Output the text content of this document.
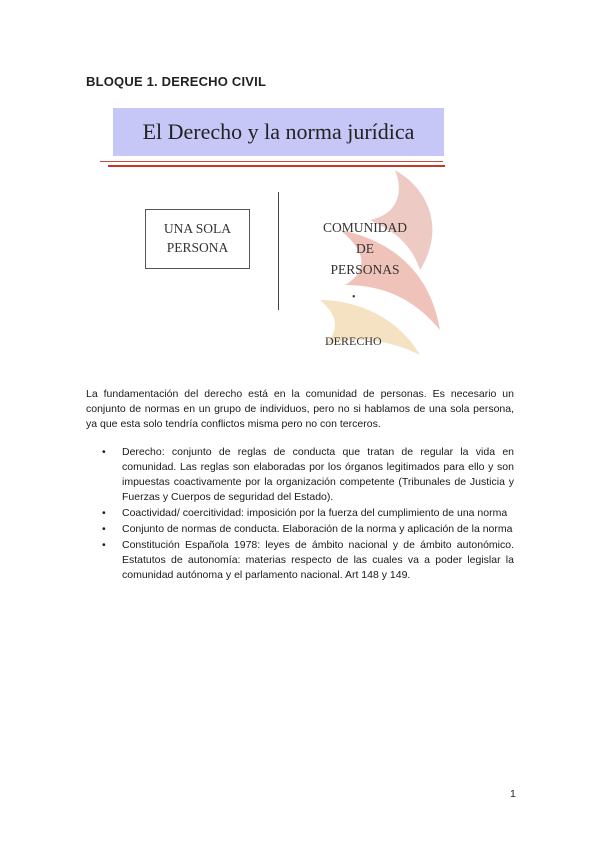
BLOQUE 1. DERECHO CIVIL
El Derecho y la norma jurídica
UNA SOLA
PERSONA
COMUNIDAD
DE
PERSONAS
•
DERECHO
La fundamentación del derecho está en la comunidad de personas. Es necesario un conjunto de normas en un grupo de individuos, pero no si hablamos de una sola persona, ya que esta solo tendría conflictos misma pero no con terceros.
• Derecho: conjunto de reglas de conducta que tratan de regular la vida en comunidad. Las reglas son elaboradas por los órganos legitimados para ello y son impuestas coactivamente por la organización competente (Tribunales de Justicia y Fuerzas y Cuerpos de seguridad del Estado).
• Coactividad/ coercitividad: imposición por la fuerza del cumplimiento de una norma
• Conjunto de normas de conducta. Elaboración de la norma y aplicación de la norma
• Constitución Española 1978: leyes de ámbito nacional y de ámbito autonómico. Estatutos de autonomía: materias respecto de las cuales va a poder legislar la comunidad autónoma y el parlamento nacional. Art 148 y 149.
1
